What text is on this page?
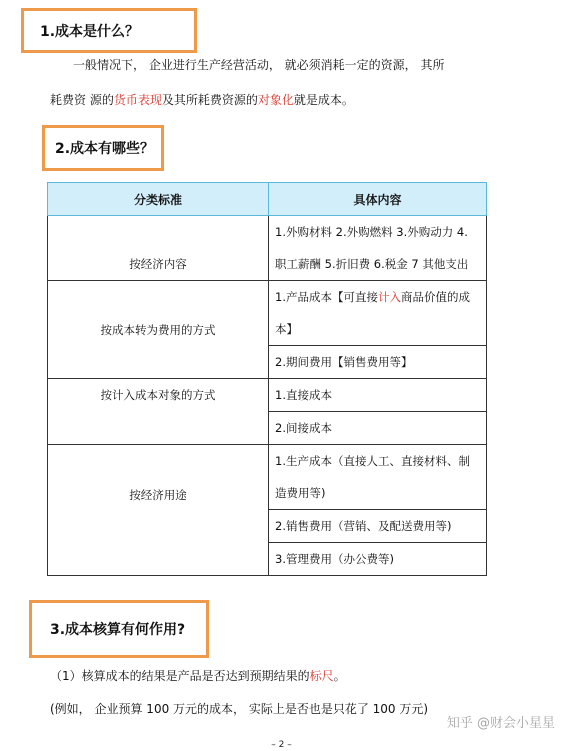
1.成本是什么？
一般情况下， 企业进行生产经营活动， 就必须消耗一定的资源， 其所
耗费资 源的货币表现及其所耗费资源的对象化就是成本。
2.成本有哪些？
分类标准	具体内容
按经济内容	1.外购材料 2.外购燃料 3.外购动力 4.
职工薪酬 5.折旧费 6.税金 7 其他支出

按成本转为费用的方式	1.产品成本【可直接计入商品价值的成
本】

	2.期间费用【销售费用等】
按计入成本对象的方式	1.直接成本
	2.间接成本
按经济用途	1.生产成本（直接人工、直接材料、制
造费用等)

	2.销售费用（营销、及配送费用等)
	3.管理费用（办公费等)
3.成本核算有何作用?
（1）核算成本的结果是产品是否达到预期结果的标尺。
(例如， 企业预算 100 万元的成本， 实际上是否也是只花了 100 万元)
知乎 @财会小星星
– 2 –
